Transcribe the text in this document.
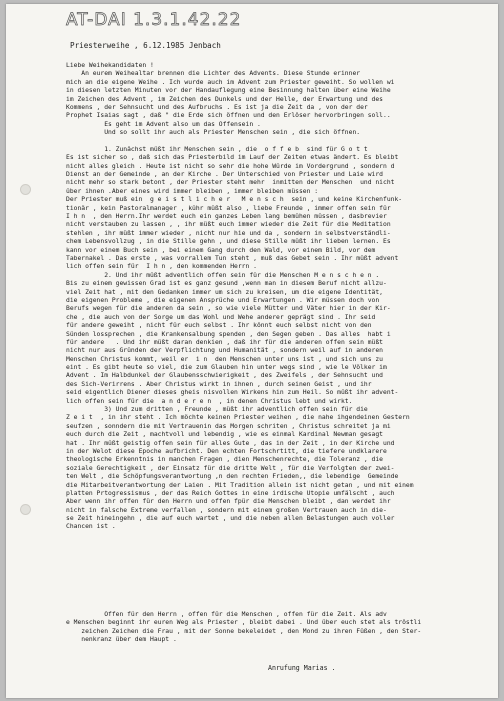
AT-DAI 1.3.1.42.22
Priesterweihe , 6.12.1985 Jenbach
Liebe Weihekandidaten !
An eurem Weihealtar brennen die Lichter des Advents. Diese Stunde erinner
mich an die eigene Weihe . Ich wurde auch im Advent zum Priester geweiht. So wollen wi
in diesen letzten Minuten vor der Handauflegung eine Besinnung halten über eine Weihe
im Zeichen des Advent , im Zeichen des Dunkels und der Helle, der Erwartung und des
Kommens , der Sehnsucht und des Aufbruchs . Es ist ja die Zeit da , von der der
Prophet Isaias sagt , daß " die Erde sich öffnen und den Erlöser hervorbringen soll..
Es geht im Advent also um das Offensein .
Und so sollt ihr auch als Priester Menschen sein , die sich öffnen.
1. Zunächst müßt ihr Menschen sein , die  o f f e b  sind für G o t t
Es ist sicher so , daß sich das Priesterbild im Lauf der Zeiten etwas ändert. Es bleibt
nicht alles gleich . Heute ist nicht so sehr die hohe Würde im Vordergrund , sondern d
Dienst an der Gemeinde , an der Kirche . Der Unterschied von Priester und Laie wird
nicht mehr so stark betont , der Priester steht mehr  inmitten der Menschen  und nicht
über ihnen .Aber eines wird immer bleiben , immer bleiben müssen :
Der Priester muß ein  g e i s t l i c h e r   M e n s c h  sein , und keine Kirchenfunk-
tionär , kein Pastoralmanager , kühr müßt also , liebe Freunde , immer offen sein für
I h n  , den Herrn.Ihr werdet euch ein ganzes Leben lang bemühen müssen , dasbrevier
nicht verstauben zu lassen , , ihr müßt euch immer wieder die Zeit für die Meditation
stehlen , ihr müßt immer wieder , nicht nur hie und da , sondern in selbstverständli-
chem Lebensvollzug , in die Stille gehn , und diese Stille müßt ihr lieben lernen. Es
kann vor einem Buch sein , bei einem Gang durch den Wald, vor einem Bild, vor dem
Tabernakel . Das erste , was vorrallem Tun steht , muß das Gebet sein . Ihr müßt advent
lich offen sein für  I h n , den kommenden Herrn .
2. Und ihr müßt adventlich offen sein für die Menschen M e n s c h e n .
Bis zu einem gewissen Grad ist es ganz gesund ,wenn man in diesem Beruf nicht allzu-
viel Zeit hat , mit den Gedanken immer um sich zu kreisen, um die eigene Identität,
die eigenen Probleme , die eigenen Ansprüche und Erwartungen . Wir müssen doch von
Berufs wegen für die anderen da sein , so wie viele Mütter und Väter hier in der Kir-
che , die auch von der Sorge um das Wohl und Wehe anderer geprägt sind . Ihr seid
für andere geweiht , nicht für euch selbst . Ihr könnt euch selbst nicht von den
Sünden lossprechen , die Krankensalbung spenden , den Segen geben . Das alles  habt i
für andere   . Und ihr müßt daran denkien , daß ihr für die anderen offen sein müßt
nicht nur aus Gründen der Verpflichtung und Humanität , sondern weil auf in anderen
Menschen Christus kommt, weil er  i n  den Menschen unter uns ist , und sich uns zu
eint . Es gibt heute so viel, die zum Glauben hin unter wegs sind , wie le Völker im
Advent . Im Halbdunkel der Glaubensschwierigkeit , des Zweifels , der Sehnsucht und
des Sich-Verirrens . Aber Christus wirkt in ihnen , durch seinen Geist , und ihr
seid eigentlich Diener dieses gheis nisvollen Wirkens hin zum Heil. So müßt ihr advent-
lich offen sein für die  a n d e r e n  , in denen Christus lebt und wirkt.
3) Und zum dritten , Freunde , müßt ihr adventlich offen sein für die
Z e i t  , in ihr steht . Ich möchte keinen Priester weihen , die nahe ihgendeinen Gestern
seufzen , sonndern die mit Vertrauenin das Morgen schriten , Christus schreitet ja mi
euch durch die Zeit , machtvoll und lebendig , wie es einmal Kardinal Newman gesagt
hat . Ihr müßt geistig offen sein für alles Gute , das in der Zeit , in der Kirche und
in der Welot diese Epoche aufbricht. Den echten Fortschrtitt, die tiefere undklarere
theologische Erkenntnis in manchen Fragen , dien Menschenrechte, die Toleranz , die
soziale Gerechtigkeit , der Einsatz für die dritte Welt , für die Verfolgten der zwei-
ten Welt , die Schöpfungsverantwortung ,n den rechten Frieden,, die lebendige  Gemeinde
die Mitarbeitverantwortung der Laien . Mit Tradition allein ist nicht getan , und mit einem
platten Prtogressismus , der das Reich Gottes in eine irdische Utopie umfälscht , auch
Aber wenn ihr offen für den Herrn und offen fpür die Menschen bleibt , dan werdet ihr
nicht in falsche Extreme verfallen , sondern mit einem großen Vertrauen auch in die-
se Zeit hineingehn , die auf euch wartet , und die neben allen Belastungen auch voller
Chancen ist .
Offen für den Herrn , offen für die Menschen , offen für die Zeit. Als adv
e Menschen beginnt ihr euren Weg als Priester , bleibt dabei . Und über euch stet als tröstli
zeichen Zeichen die Frau , mit der Sonne bekeleidet , den Mond zu ihren Füßen , den Ster-
nenkranz über dem Haupt .
Anrufung Marias .
